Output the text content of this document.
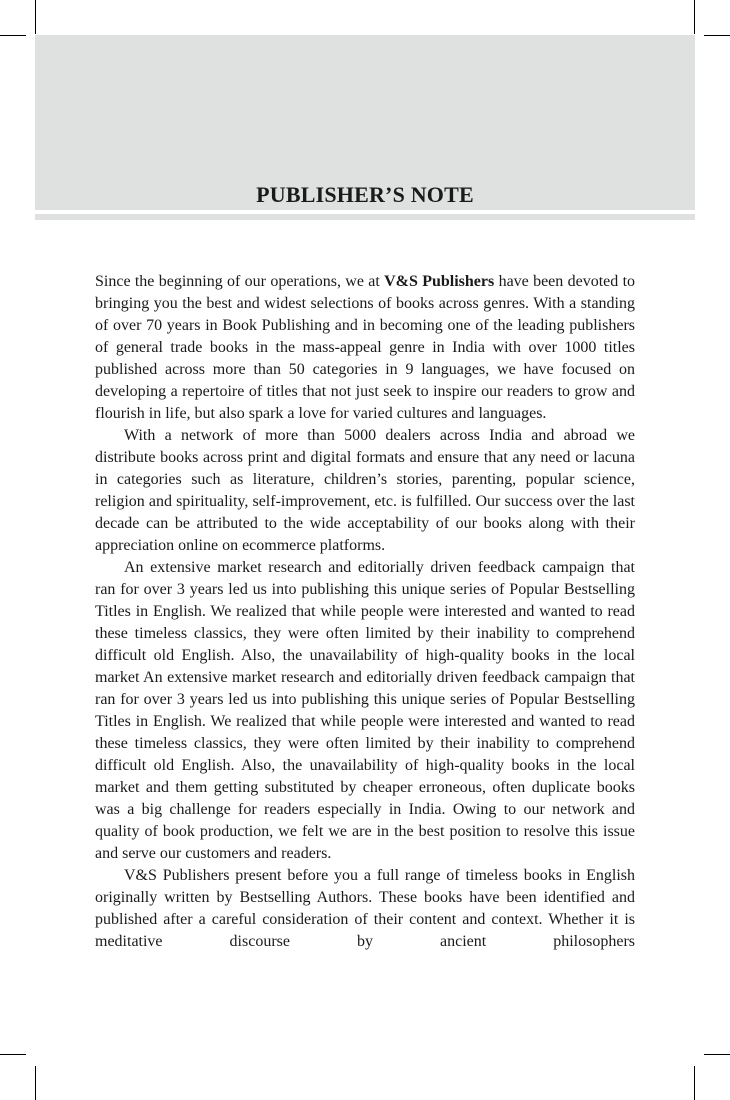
PUBLISHER’S NOTE

Since the beginning of our operations, we at V&S Publishers have been devoted to bringing you the best and widest selections of books across genres. With a standing of over 70 years in Book Publishing and in becoming one of the leading publishers of general trade books in the mass-appeal genre in India with over 1000 titles published across more than 50 categories in 9 languages, we have focused on developing a repertoire of titles that not just seek to inspire our readers to grow and flourish in life, but also spark a love for varied cultures and languages.

With a network of more than 5000 dealers across India and abroad we distribute books across print and digital formats and ensure that any need or lacuna in categories such as literature, children’s stories, parenting, popular science, religion and spirituality, self-improvement, etc. is fulfilled. Our success over the last decade can be attributed to the wide acceptability of our books along with their appreciation online on ecommerce platforms.

An extensive market research and editorially driven feedback campaign that ran for over 3 years led us into publishing this unique series of Popular Bestselling Titles in English. We realized that while people were interested and wanted to read these timeless classics, they were often limited by their inability to comprehend difficult old English. Also, the unavailability of high-quality books in the local market An extensive market research and editorially driven feedback campaign that ran for over 3 years led us into publishing this unique series of Popular Bestselling Titles in English. We realized that while people were interested and wanted to read these timeless classics, they were often limited by their inability to comprehend difficult old English. Also, the unavailability of high-quality books in the local market and them getting substituted by cheaper erroneous, often duplicate books was a big challenge for readers especially in India. Owing to our network and quality of book production, we felt we are in the best position to resolve this issue and serve our customers and readers.

V&S Publishers present before you a full range of timeless books in English originally written by Bestselling Authors. These books have been identified and published after a careful consideration of their content and context. Whether it is meditative discourse by ancient philosophers
